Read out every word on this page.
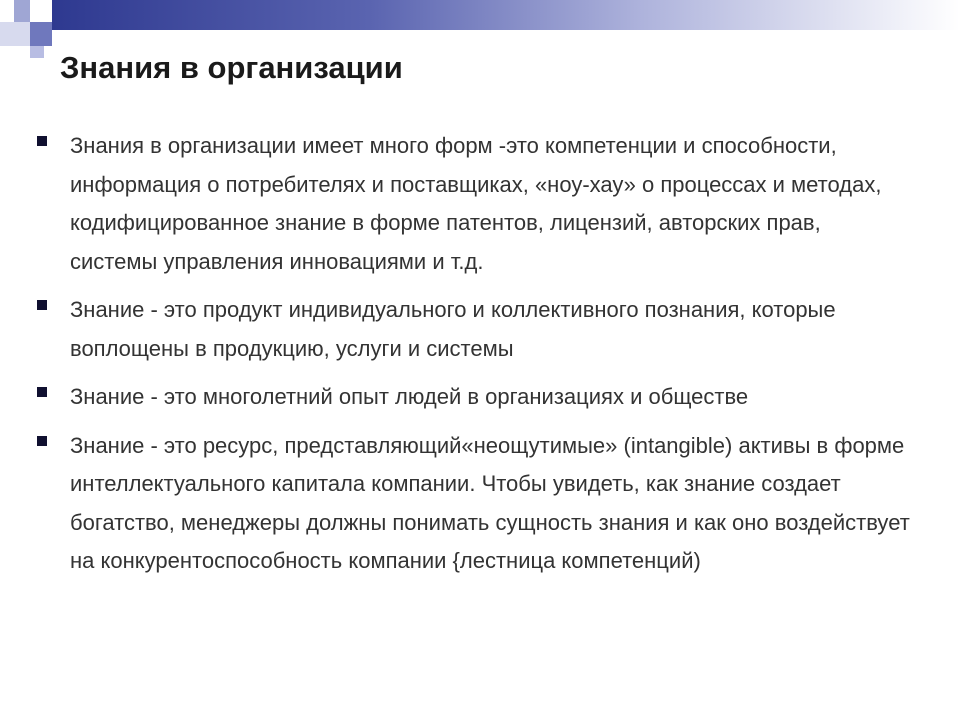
Знания в организации
Знания в организации имеет много форм -это компетенции и способности, информация о потребителях и поставщиках, «ноу-хау» о процессах и методах, кодифицированное знание в форме патентов, лицензий, авторских прав, системы управления инновациями и т.д.
Знание - это продукт индивидуального и коллективного познания, которые воплощены в продукцию, услуги и системы
Знание - это многолетний опыт людей в организациях и обществе
Знание - это ресурс, представляющий«неощутимые» (intangible) активы в форме интеллектуального капитала компании. Чтобы увидеть, как знание создает богатство, менеджеры должны понимать сущность знания и как оно воздействует на конкурентоспособность компании {лестница компетенций)
